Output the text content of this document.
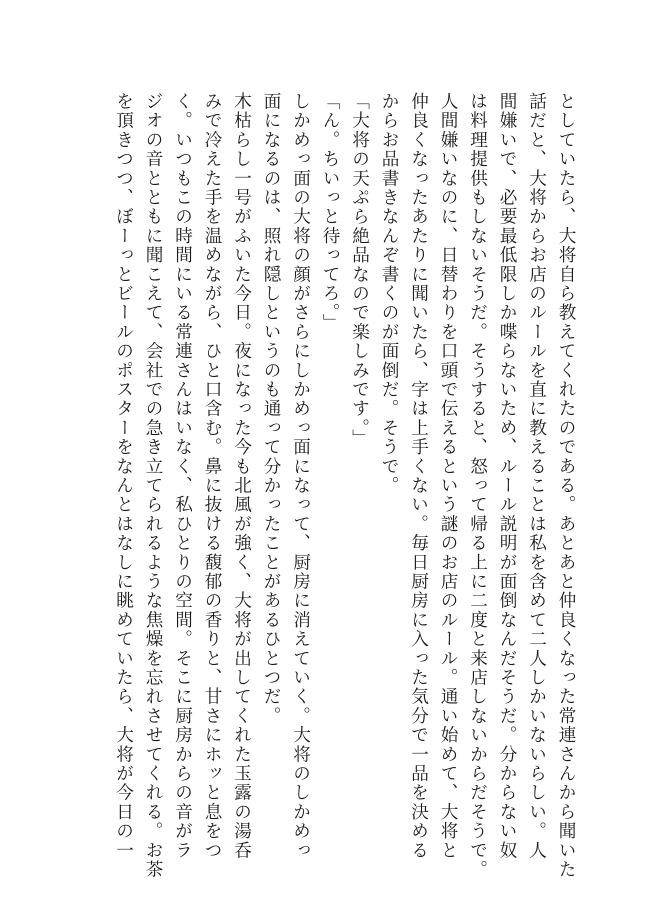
としていたら、大将自ら教えてくれたのである。あとあと仲良くなった常連さんから聞いた

話だと、大将からお店のルールを直に教えることは私を含めて二人しかいないらしい。人

間嫌いで、必要最低限しか喋らないため、ルール説明が面倒なんだそうだ。分からない奴

は料理提供もしないそうだ。そうすると、怒って帰る上に二度と来店しないからだそうで。

人間嫌いなのに、日替わりを口頭で伝えるという謎のお店のルール。通い始めて、大将と

仲良くなったあたりに聞いたら、字は上手くない。毎日厨房に入った気分で一品を決める

からお品書きなんぞ書くのが面倒だ。そうで。

「大将の天ぷら絶品なので楽しみです。」

「ん。ちいっと待ってろ。」

しかめっ面の大将の顔がさらにしかめっ面になって、厨房に消えていく。大将のしかめっ

面になるのは、照れ隠しというのも通って分かったことがあるひとつだ。

木枯らし一号がふいた今日。夜になった今も北風が強く、大将が出してくれた玉露の湯呑

みで冷えた手を温めながら、ひと口含む。鼻に抜ける馥郁の香りと、甘さにホッと息をつ

く。いつもこの時間にいる常連さんはいなく、私ひとりの空間。そこに厨房からの音がラ

ジオの音とともに聞こえて、会社での急き立てられるような焦燥を忘れさせてくれる。お茶

を頂きつつ、ぼーっとビールのポスターをなんとはなしに眺めていたら、大将が今日の一
